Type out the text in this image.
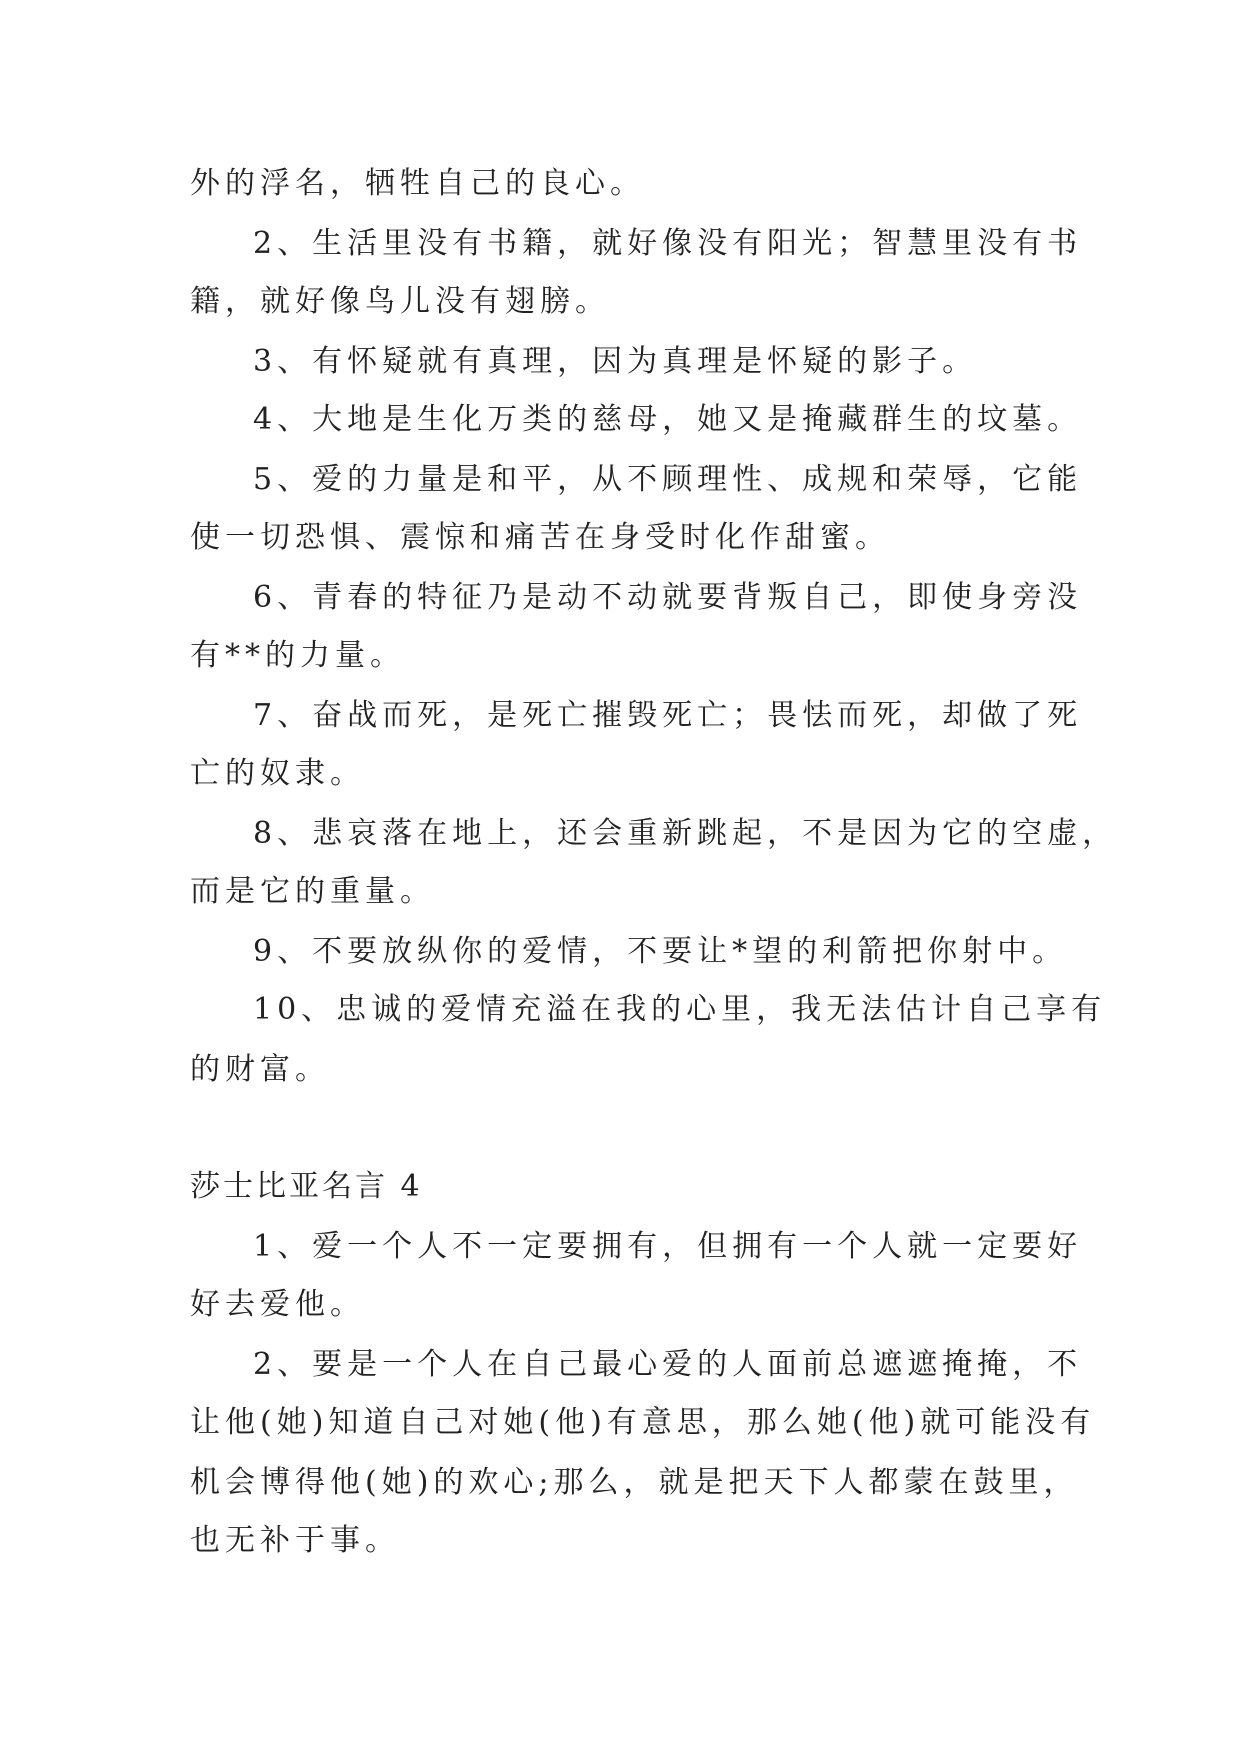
外的浮名，牺牲自己的良心。
2、生活里没有书籍，就好像没有阳光；智慧里没有书
籍，就好像鸟儿没有翅膀。
3、有怀疑就有真理，因为真理是怀疑的影子。
4、大地是生化万类的慈母，她又是掩藏群生的坟墓。
5、爱的力量是和平，从不顾理性、成规和荣辱，它能
使一切恐惧、震惊和痛苦在身受时化作甜蜜。
6、青春的特征乃是动不动就要背叛自己，即使身旁没
有**的力量。
7、奋战而死，是死亡摧毁死亡；畏怯而死，却做了死
亡的奴隶。
8、悲哀落在地上，还会重新跳起，不是因为它的空虚，
而是它的重量。
9、不要放纵你的爱情，不要让*望的利箭把你射中。
10、忠诚的爱情充溢在我的心里，我无法估计自己享有
的财富。
莎士比亚名言 4
1、爱一个人不一定要拥有，但拥有一个人就一定要好
好去爱他。
2、要是一个人在自己最心爱的人面前总遮遮掩掩，不
让他(她)知道自己对她(他)有意思，那么她(他)就可能没有
机会博得他(她)的欢心;那么，就是把天下人都蒙在鼓里，
也无补于事。
